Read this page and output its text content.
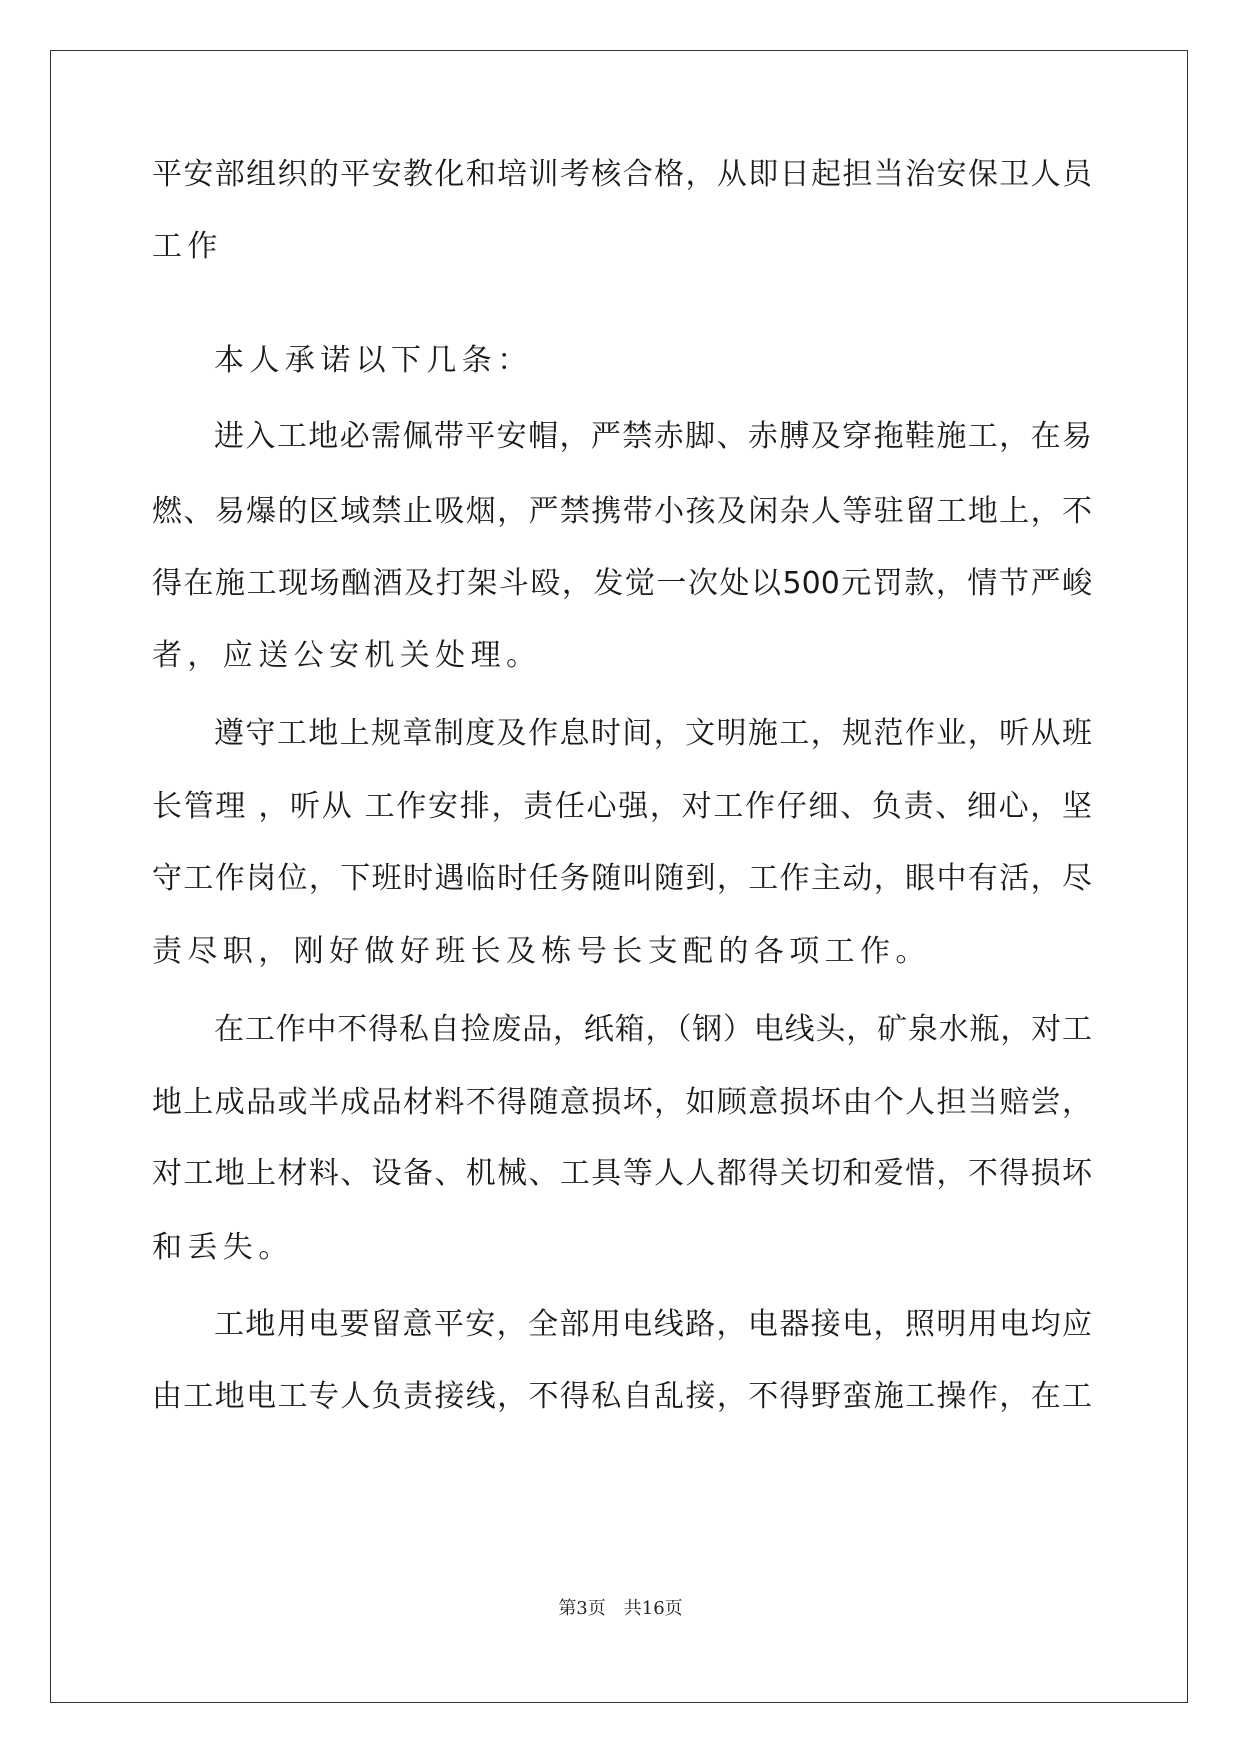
平安部组织的平安教化和培训考核合格，从即日起担当治安保卫人员

工作

本人承诺以下几条：

进入工地必需佩带平安帽，严禁赤脚、赤膊及穿拖鞋施工，在易

燃、易爆的区域禁止吸烟，严禁携带小孩及闲杂人等驻留工地上，不

得在施工现场酗酒及打架斗殴，发觉一次处以500元罚款，情节严峻

者，应送公安机关处理。

遵守工地上规章制度及作息时间，文明施工，规范作业，听从班

长管理 ，听从 工作安排，责任心强，对工作仔细、负责、细心，坚

守工作岗位，下班时遇临时任务随叫随到，工作主动，眼中有活，尽

责尽职，刚好做好班长及栋号长支配的各项工作。

在工作中不得私自捡废品，纸箱，（钢）电线头，矿泉水瓶，对工

地上成品或半成品材料不得随意损坏，如顾意损坏由个人担当赔尝，

对工地上材料、设备、机械、工具等人人都得关切和爱惜，不得损坏

和丢失。

工地用电要留意平安，全部用电线路，电器接电，照明用电均应

由工地电工专人负责接线，不得私自乱接，不得野蛮施工操作，在工

第3页　共16页
